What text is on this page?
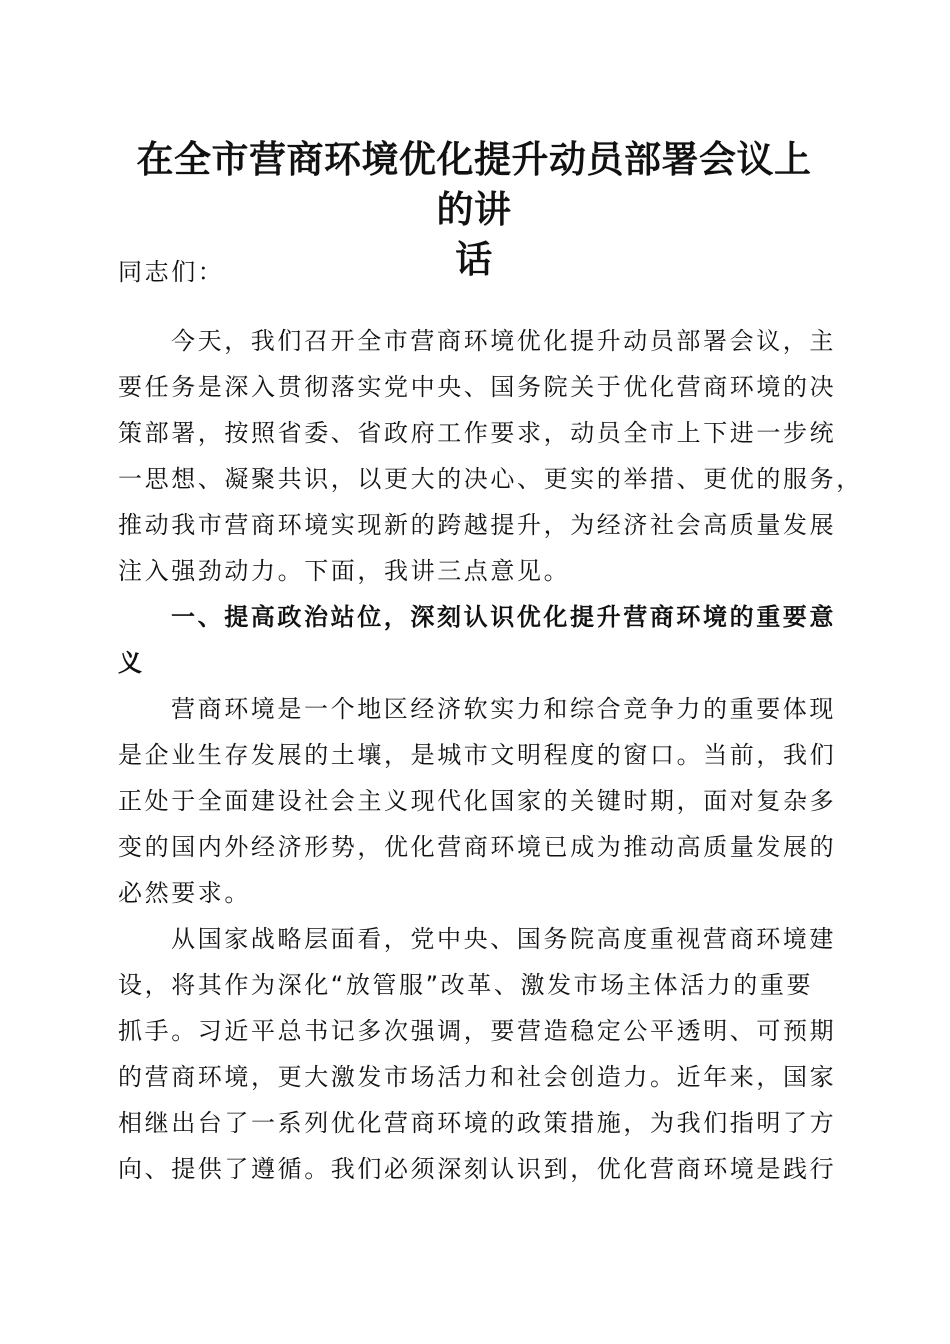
在全市营商环境优化提升动员部署会议上的讲
话

同志们：

今天，我们召开全市营商环境优化提升动员部署会议，主
要任务是深入贯彻落实党中央、国务院关于优化营商环境的决
策部署，按照省委、省政府工作要求，动员全市上下进一步统
一思想、凝聚共识，以更大的决心、更实的举措、更优的服务，
推动我市营商环境实现新的跨越提升，为经济社会高质量发展
注入强劲动力。下面，我讲三点意见。
一、提高政治站位，深刻认识优化提升营商环境的重要意
义
营商环境是一个地区经济软实力和综合竞争力的重要体现
是企业生存发展的土壤，是城市文明程度的窗口。当前，我们
正处于全面建设社会主义现代化国家的关键时期，面对复杂多
变的国内外经济形势，优化营商环境已成为推动高质量发展的
必然要求。
从国家战略层面看，党中央、国务院高度重视营商环境建
设，将其作为深化“放管服”改革、激发市场主体活力的重要
抓手。习近平总书记多次强调，要营造稳定公平透明、可预期
的营商环境，更大激发市场活力和社会创造力。近年来，国家
相继出台了一系列优化营商环境的政策措施，为我们指明了方
向、提供了遵循。我们必须深刻认识到，优化营商环境是践行
